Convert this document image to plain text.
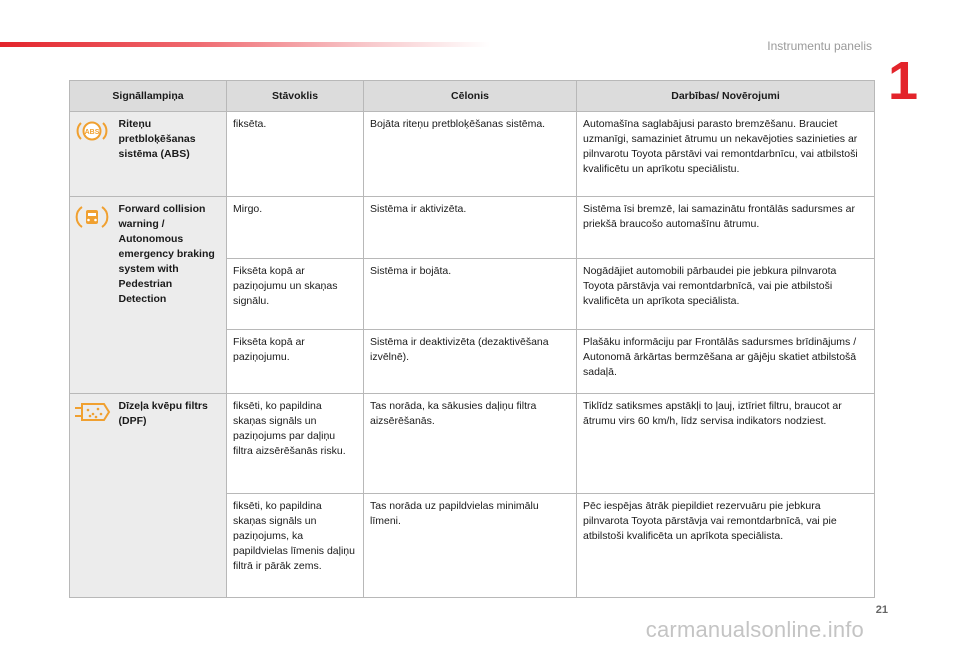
Instrumentu panelis
1
Signāllampiņa		Stāvoklis	Cēlonis	Darbības/ Novērojumi

ABS	Riteņu pretbloķēšanas sistēma (ABS)	fiksēta.	Bojāta riteņu pretbloķēšanas sistēma.	Automašīna saglabājusi parasto bremzēšanu. Brauciet uzmanīgi, samaziniet ātrumu un nekavējoties sazinieties ar pilnvarotu Toyota pārstāvi vai remontdarbnīcu, vai atbilstoši kvalificētu un aprīkotu speciālistu.
	Forward collision warning / Autonomous emergency braking system with Pedestrian Detection	Mirgo.	Sistēma ir aktivizēta.	Sistēma īsi bremzē, lai samazinātu frontālās sadursmes ar priekšā braucošo automašīnu ātrumu.
		Fiksēta kopā ar paziņojumu un skaņas signālu.	Sistēma ir bojāta.	Nogādājiet automobili pārbaudei pie jebkura pilnvarota Toyota pārstāvja vai remontdarbnīcā, vai pie atbilstoši kvalificēta un aprīkota speciālista.
		Fiksēta kopā ar paziņojumu.	Sistēma ir deaktivizēta (dezaktivēšana izvēlnē).	Plašāku informāciju par Frontālās sadursmes brīdinājums / Autonomā ārkārtas bermzēšana ar gājēju skatiet atbilstošā sadaļā.
	Dīzeļa kvēpu filtrs (DPF)	fiksēti, ko papildina skaņas signāls un paziņojums par daļiņu filtra aizsērēšanās risku.	Tas norāda, ka sākusies daļiņu filtra aizsērēšanās.	Tiklīdz satiksmes apstākļi to ļauj, iztīriet filtru, braucot ar ātrumu virs 60 km/h, līdz servisa indikators nodziest.
		fiksēti, ko papildina skaņas signāls un paziņojums, ka papildvielas līmenis daļiņu filtrā ir pārāk zems.	Tas norāda uz papildvielas minimālu līmeni.	Pēc iespējas ātrāk piepildiet rezervuāru pie jebkura pilnvarota Toyota pārstāvja vai remontdarbnīcā, vai pie atbilstoši kvalificēta un aprīkota speciālista.
21
carmanualsonline.info
